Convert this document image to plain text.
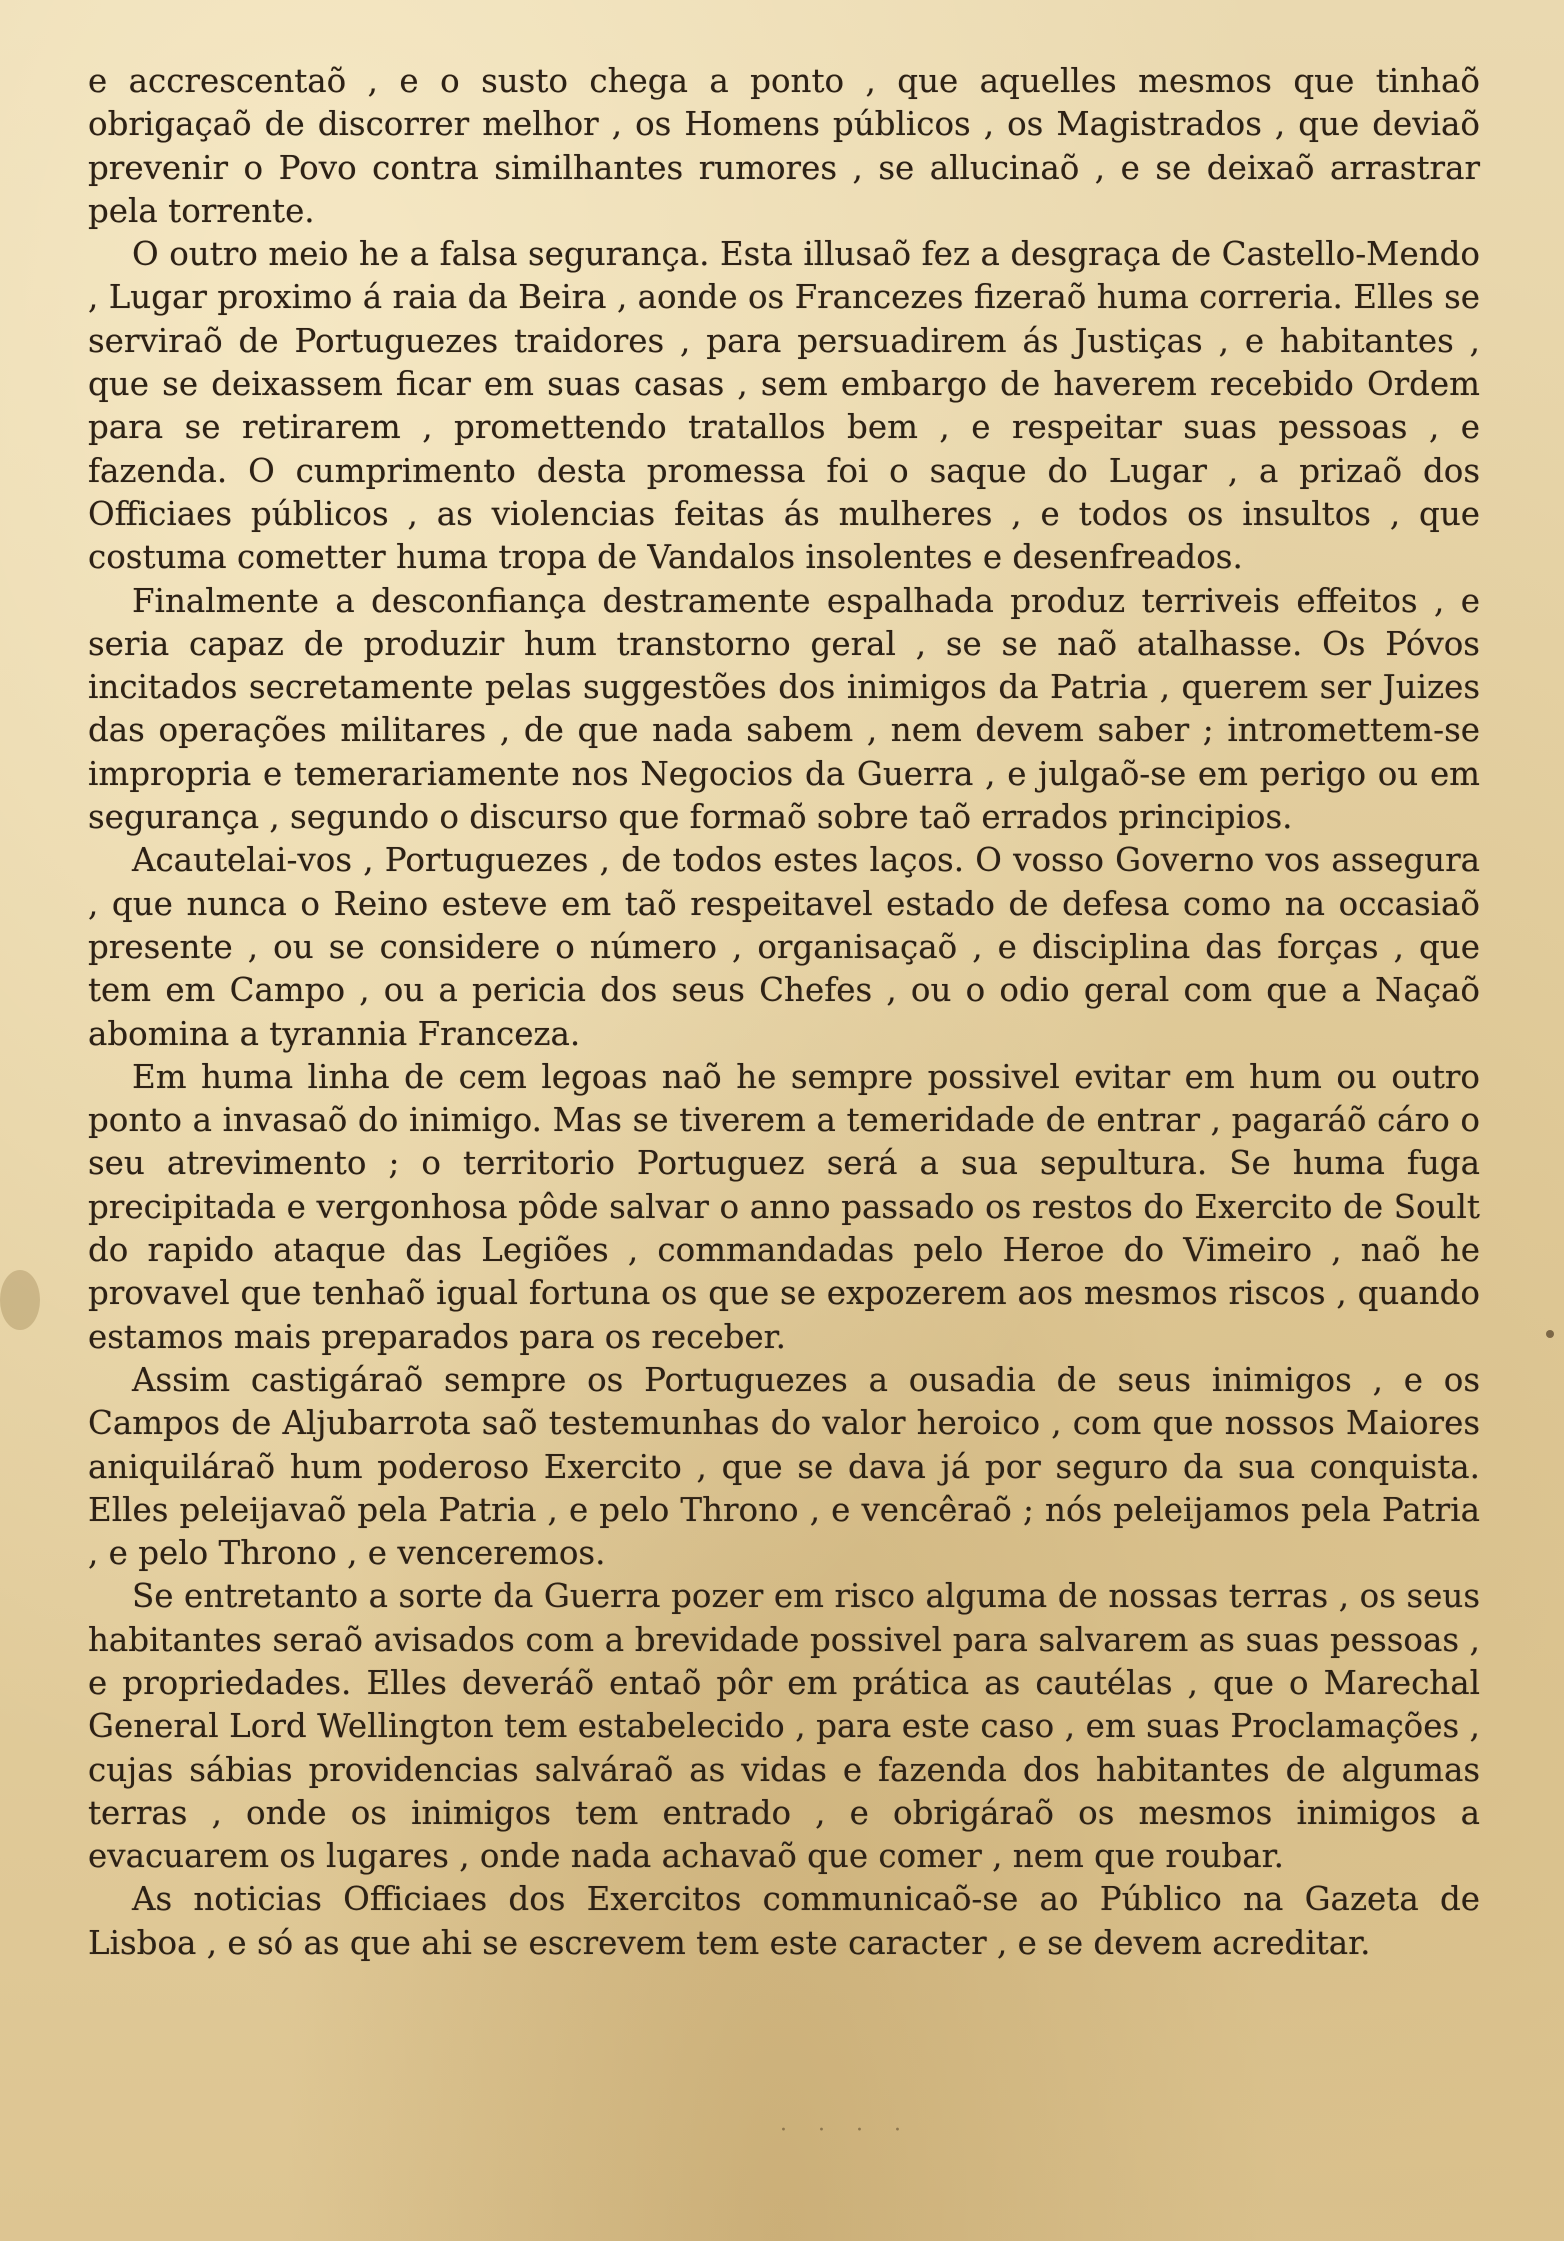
e accrescentaõ , e o susto chega a ponto , que aquelles mesmos que tinhaõ obrigaçaõ de discorrer melhor , os Homens públicos , os Magistrados , que deviaõ prevenir o Povo contra similhantes rumores , se allucinaõ , e se deixaõ arrastrar pela torrente.

O outro meio he a falsa segurança. Esta illusaõ fez a desgraça de Castello-Mendo , Lugar proximo á raia da Beira , aonde os Francezes fizeraõ huma correria. Elles se serviraõ de Portuguezes traidores , para persuadirem ás Justiças , e habitantes , que se deixassem ficar em suas casas , sem embargo de haverem recebido Ordem para se retirarem , promettendo tratallos bem , e respeitar suas pessoas , e fazenda. O cumprimento desta promessa foi o saque do Lugar , a prizaõ dos Officiaes públicos , as violencias feitas ás mulheres , e todos os insultos , que costuma cometter huma tropa de Vandalos insolentes e desenfreados.

Finalmente a desconfiança destramente espalhada produz terriveis effeitos , e seria capaz de produzir hum transtorno geral , se se naõ atalhasse. Os Póvos incitados secretamente pelas suggestões dos inimigos da Patria , querem ser Juizes das operações militares , de que nada sabem , nem devem saber ; intromettem-se impropria e temerariamente nos Negocios da Guerra , e julgaõ-se em perigo ou em segurança , segundo o discurso que formaõ sobre taõ errados principios.

Acautelai-vos , Portuguezes , de todos estes laços. O vosso Governo vos assegura , que nunca o Reino esteve em taõ respeitavel estado de defesa como na occasiaõ presente , ou se considere o número , organisaçaõ , e disciplina das forças , que tem em Campo , ou a pericia dos seus Chefes , ou o odio geral com que a Naçaõ abomina a tyrannia Franceza.

Em huma linha de cem legoas naõ he sempre possivel evitar em hum ou outro ponto a invasaõ do inimigo. Mas se tiverem a temeridade de entrar , pagaráõ cáro o seu atrevimento ; o territorio Portuguez será a sua sepultura. Se huma fuga precipitada e vergonhosa pôde salvar o anno passado os restos do Exercito de Soult do rapido ataque das Legiões , commandadas pelo Heroe do Vimeiro , naõ he provavel que tenhaõ igual fortuna os que se expozerem aos mesmos riscos , quando estamos mais preparados para os receber.

Assim castigáraõ sempre os Portuguezes a ousadia de seus inimigos , e os Campos de Aljubarrota saõ testemunhas do valor heroico , com que nossos Maiores aniquiláraõ hum poderoso Exercito , que se dava já por seguro da sua conquista. Elles peleijavaõ pela Patria , e pelo Throno , e vencêraõ ; nós peleijamos pela Patria , e pelo Throno , e venceremos.

Se entretanto a sorte da Guerra pozer em risco alguma de nossas terras , os seus habitantes seraõ avisados com a brevidade possivel para salvarem as suas pessoas , e propriedades. Elles deveráõ entaõ pôr em prática as cautélas , que o Marechal General Lord Wellington tem estabelecido , para este caso , em suas Proclamações , cujas sábias providencias salváraõ as vidas e fazenda dos habitantes de algumas terras , onde os inimigos tem entrado , e obrigáraõ os mesmos inimigos a evacuarem os lugares , onde nada achavaõ que comer , nem que roubar.

As noticias Officiaes dos Exercitos communicaõ-se ao Público na Gazeta de Lisboa , e só as que ahi se escrevem tem este caracter , e se devem acreditar.

· · · ·
